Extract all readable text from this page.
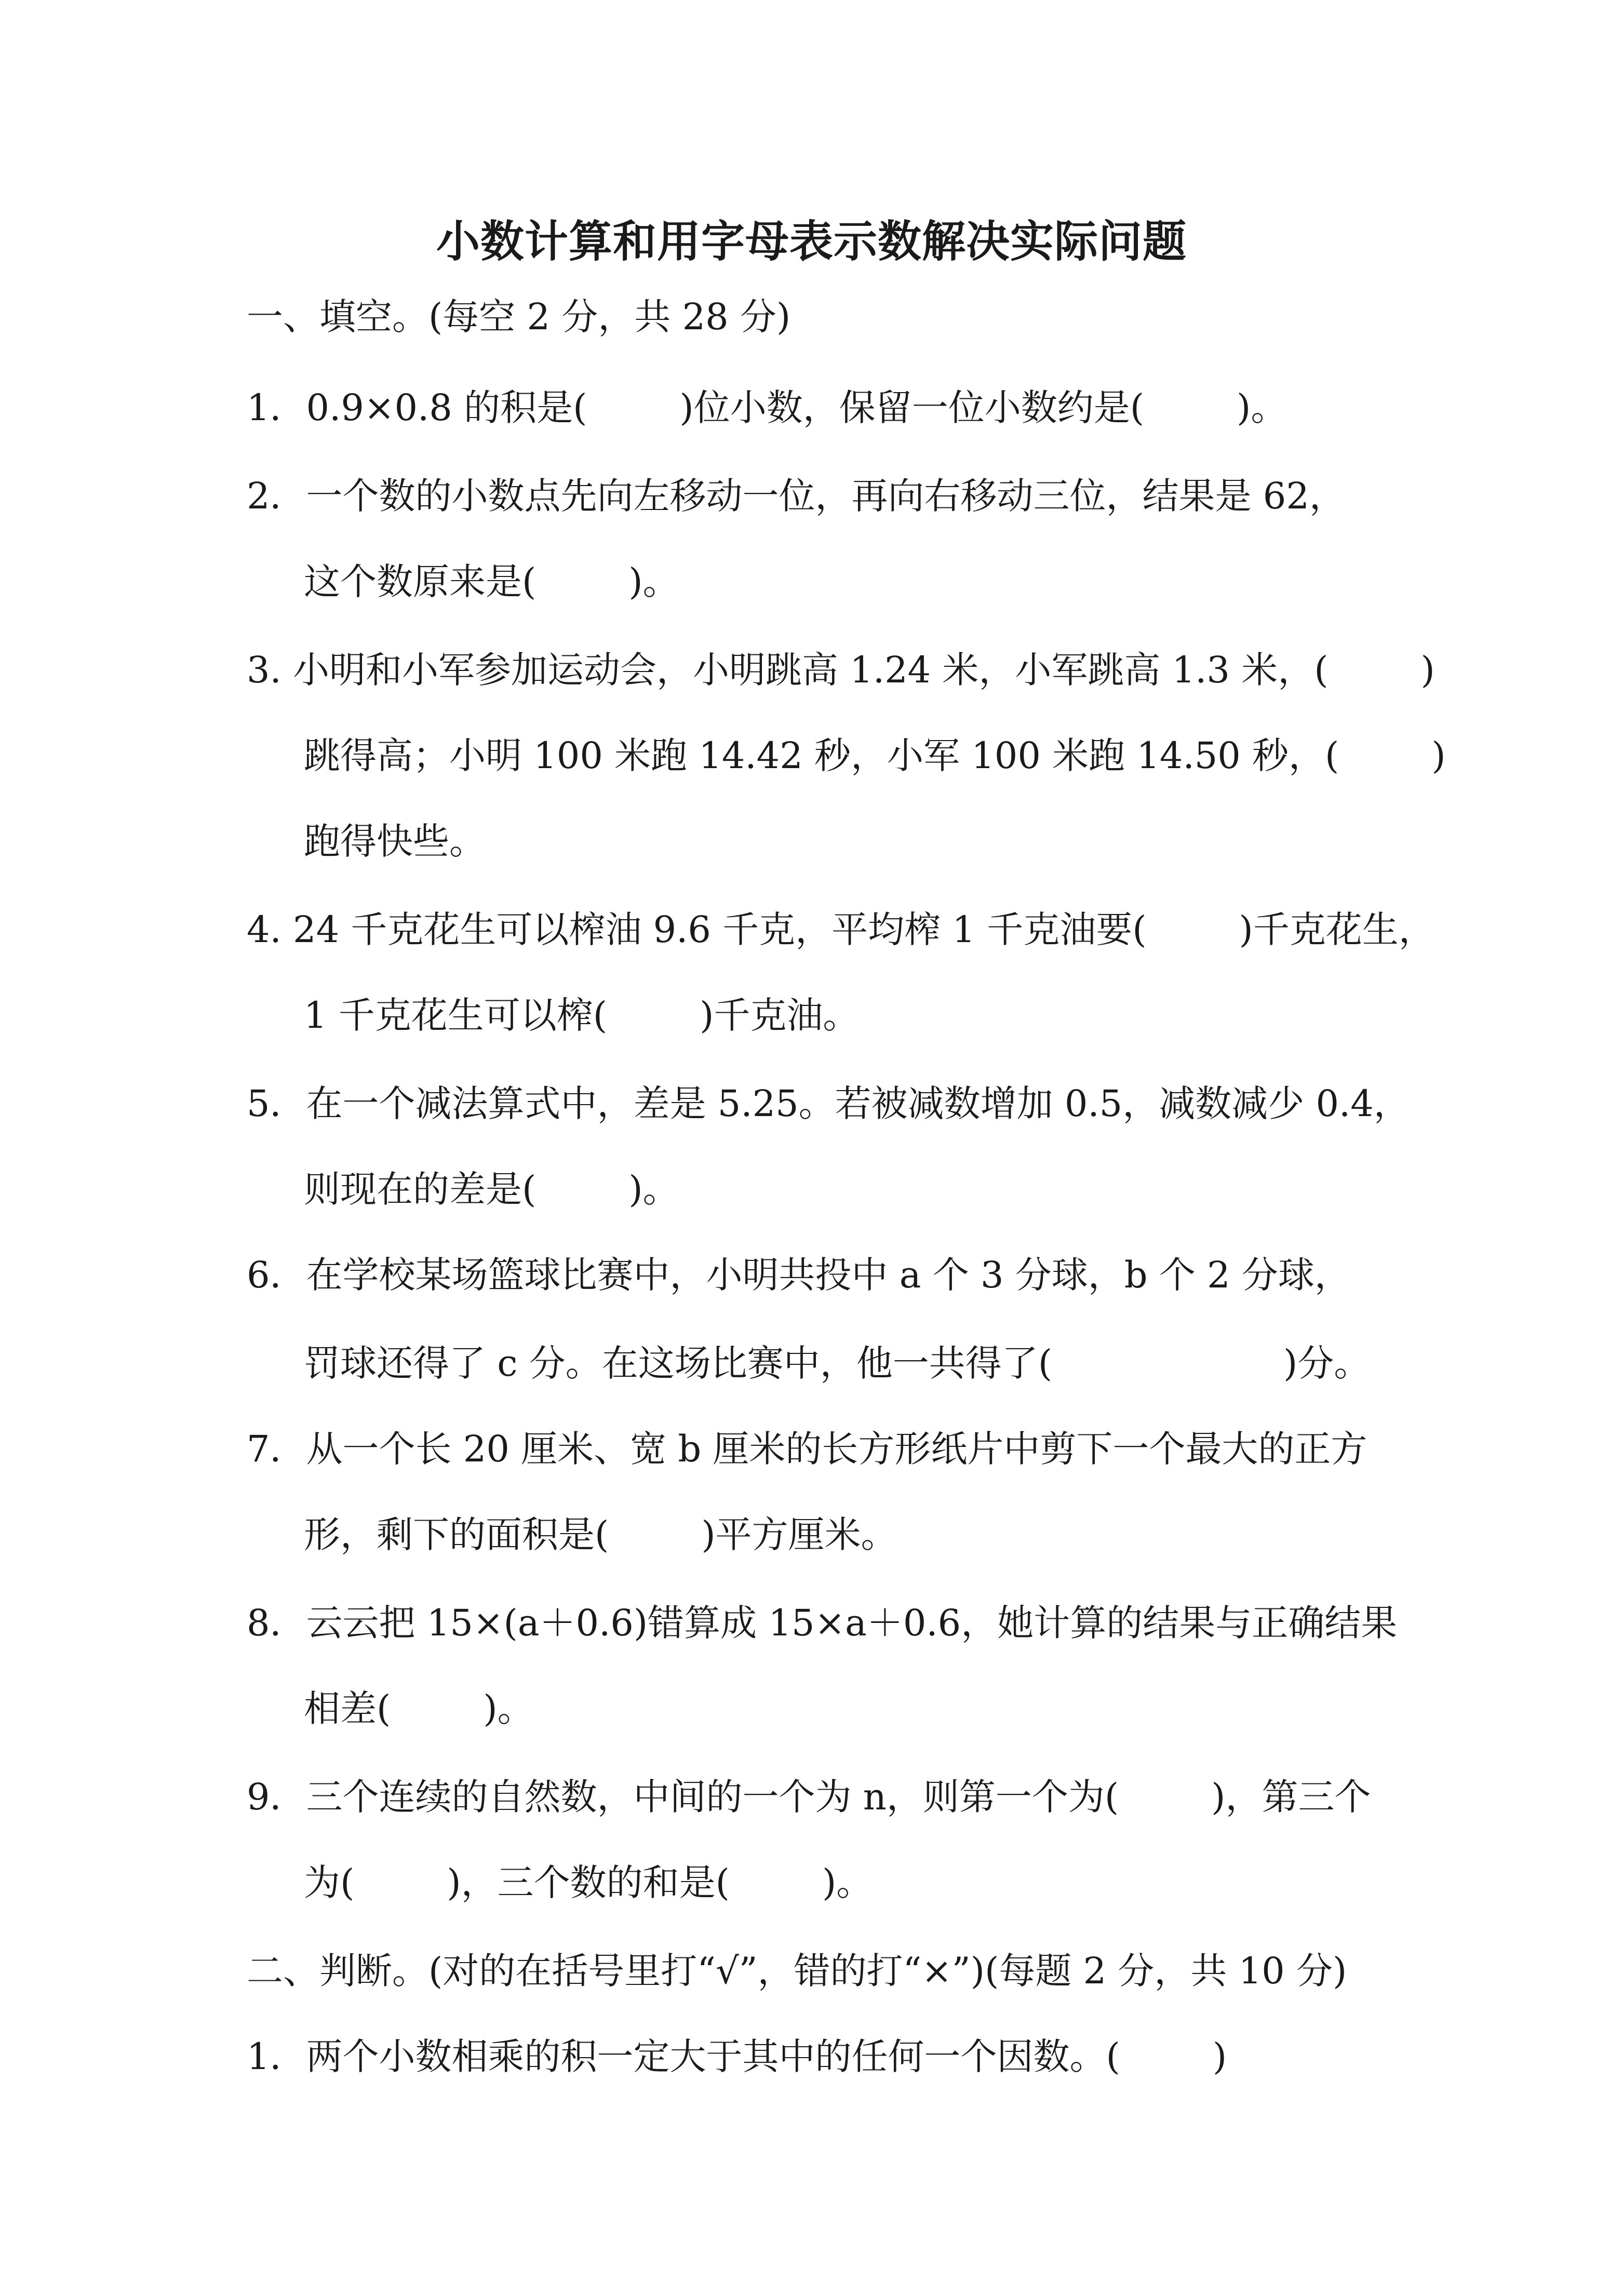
小数计算和用字母表示数解决实际问题
一、填空。(每空 2 分，共 28 分)
1．0.9×0.8 的积是(        )位小数，保留一位小数约是(        )。
2．一个数的小数点先向左移动一位，再向右移动三位，结果是 62，
这个数原来是(        )。
3. 小明和小军参加运动会，小明跳高 1.24 米，小军跳高 1.3 米，(        )
跳得高；小明 100 米跑 14.42 秒，小军 100 米跑 14.50 秒，(        )
跑得快些。
4. 24 千克花生可以榨油 9.6 千克，平均榨 1 千克油要(        )千克花生，
1 千克花生可以榨(        )千克油。
5．在一个减法算式中，差是 5.25。若被减数增加 0.5，减数减少 0.4，
则现在的差是(        )。
6．在学校某场篮球比赛中，小明共投中 a 个 3 分球，b 个 2 分球，
罚球还得了 c 分。在这场比赛中，他一共得了(                    )分。
7．从一个长 20 厘米、宽 b 厘米的长方形纸片中剪下一个最大的正方
形，剩下的面积是(        )平方厘米。
8．云云把 15×(a＋0.6)错算成 15×a＋0.6，她计算的结果与正确结果
相差(        )。
9．三个连续的自然数，中间的一个为 n，则第一个为(        )，第三个
为(        )，三个数的和是(        )。
二、判断。(对的在括号里打“√”，错的打“×”)(每题 2 分，共 10 分)
1．两个小数相乘的积一定大于其中的任何一个因数。(        )
